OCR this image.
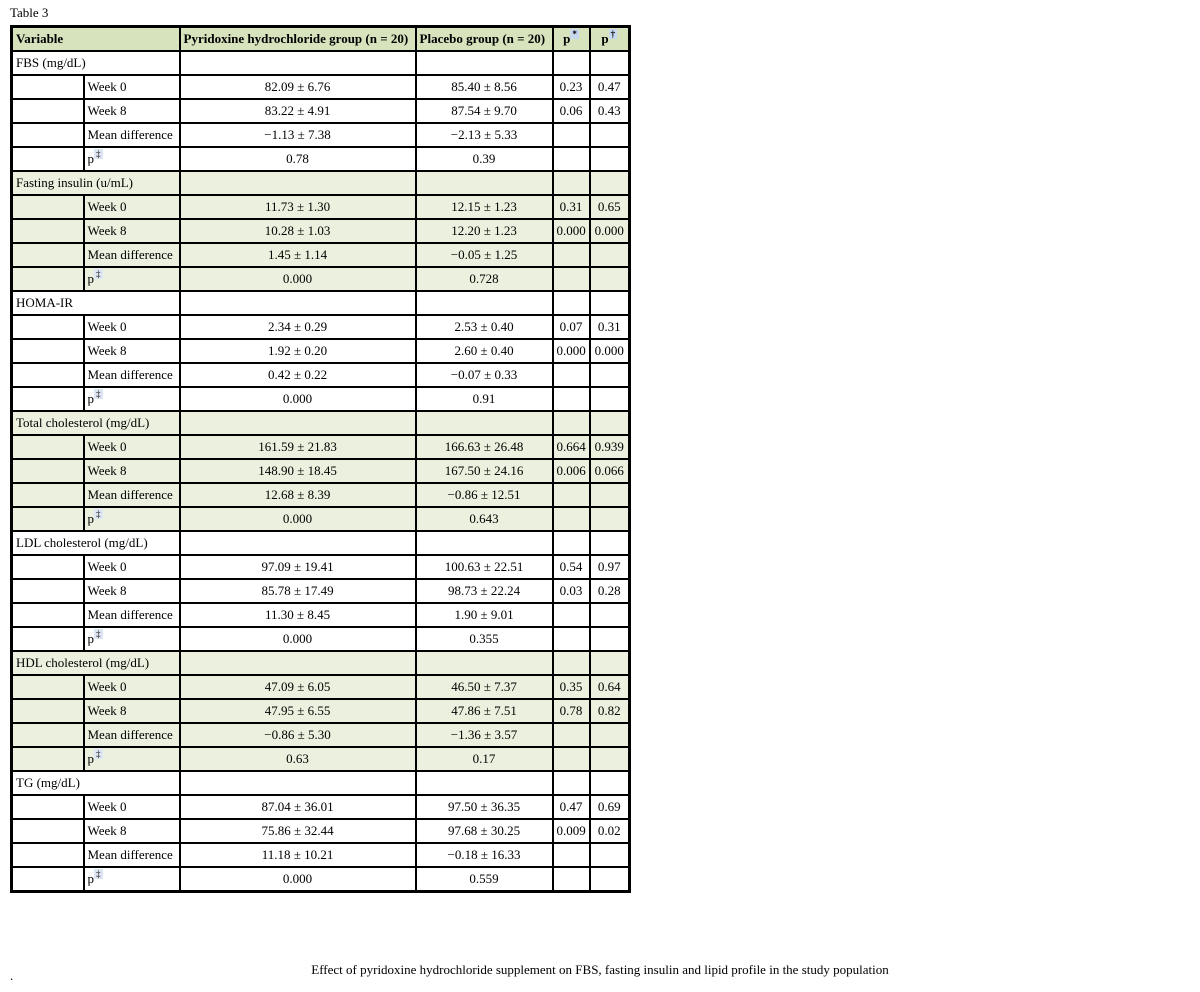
Table 3
Variable		Pyridoxine hydrochloride group (n = 20)	Placebo group (n = 20)	p *	p †
FBS (mg/dL)					
	Week 0	82.09 ± 6.76	85.40 ± 8.56	0.23	0.47
	Week 8	83.22 ± 4.91	87.54 ± 9.70	0.06	0.43
	Mean difference	−1.13 ± 7.38	−2.13 ± 5.33		
	p ‡	0.78	0.39		
Fasting insulin (u/mL)					
	Week 0	11.73 ± 1.30	12.15 ± 1.23	0.31	0.65
	Week 8	10.28 ± 1.03	12.20 ± 1.23	0.000	0.000
	Mean difference	1.45 ± 1.14	−0.05 ± 1.25		
	p ‡	0.000	0.728		
HOMA-IR					
	Week 0	2.34 ± 0.29	2.53 ± 0.40	0.07	0.31
	Week 8	1.92 ± 0.20	2.60 ± 0.40	0.000	0.000
	Mean difference	0.42 ± 0.22	−0.07 ± 0.33		
	p ‡	0.000	0.91		
Total cholesterol (mg/dL)					
	Week 0	161.59 ± 21.83	166.63 ± 26.48	0.664	0.939
	Week 8	148.90 ± 18.45	167.50 ± 24.16	0.006	0.066
	Mean difference	12.68 ± 8.39	−0.86 ± 12.51		
	p ‡	0.000	0.643		
LDL cholesterol (mg/dL)					
	Week 0	97.09 ± 19.41	100.63 ± 22.51	0.54	0.97
	Week 8	85.78 ± 17.49	98.73 ± 22.24	0.03	0.28
	Mean difference	11.30 ± 8.45	1.90 ± 9.01		
	p ‡	0.000	0.355		
HDL cholesterol (mg/dL)					
	Week 0	47.09 ± 6.05	46.50 ± 7.37	0.35	0.64
	Week 8	47.95 ± 6.55	47.86 ± 7.51	0.78	0.82
	Mean difference	−0.86 ± 5.30	−1.36 ± 3.57		
	p ‡	0.63	0.17		
TG (mg/dL)					
	Week 0	87.04 ± 36.01	97.50 ± 36.35	0.47	0.69
	Week 8	75.86 ± 32.44	97.68 ± 30.25	0.009	0.02
	Mean difference	11.18 ± 10.21	−0.18 ± 16.33		
	p ‡	0.000	0.559		
Effect of pyridoxine hydrochloride supplement on FBS, fasting insulin and lipid profile in the study population
.
